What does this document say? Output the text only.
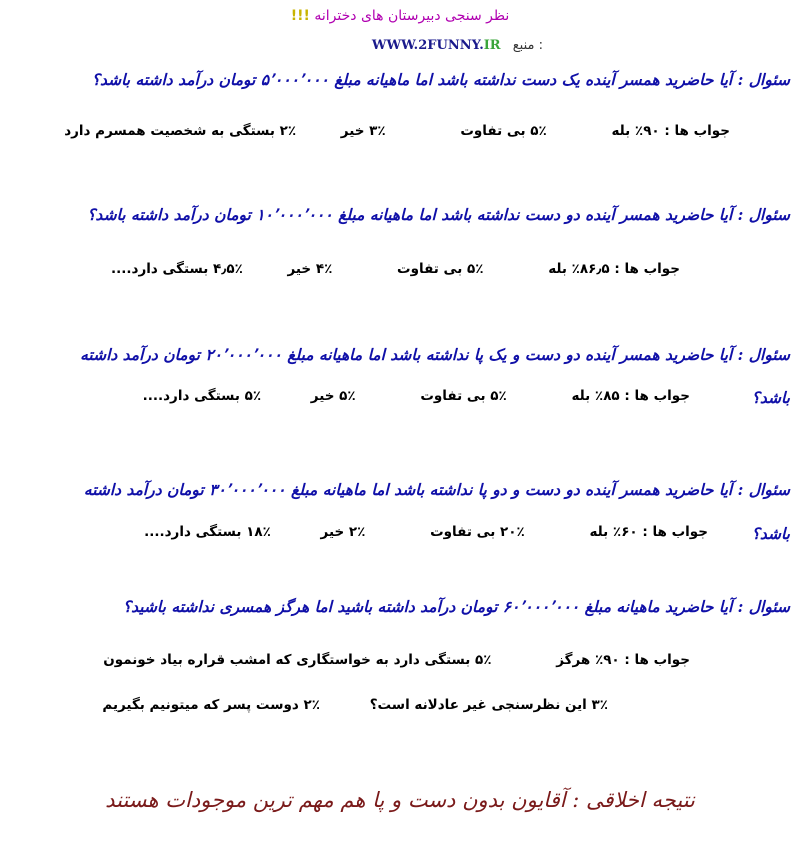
نظر سنجی دبیرستان های دخترانه !!!
WWW.2FUNNY.IR منبع :
سئوال : آیا حاضرید همسر آینده یک دست نداشته باشد اما ماهیانه مبلغ ۵٬۰۰۰٬۰۰۰ تومان درآمد داشته باشد؟
جواب ها : ۹۰٪ بله ۵٪ بی تفاوت ۳٪ خیر ۲٪ بستگی به شخصیت همسرم دارد
سئوال : آیا حاضرید همسر آینده دو دست نداشته باشد اما ماهیانه مبلغ ۱۰٬۰۰۰٬۰۰۰ تومان درآمد داشته باشد؟
جواب ها : ۸۶٫۵٪ بله ۵٪ بی تفاوت ۴٪ خیر ۴٫۵٪ بستگی دارد....
سئوال : آیا حاضرید همسر آینده دو دست و یک پا نداشته باشد اما ماهیانه مبلغ ۲۰٬۰۰۰٬۰۰۰ تومان درآمد داشته
باشد؟
جواب ها : ۸۵٪ بله ۵٪ بی تفاوت ۵٪ خیر ۵٪ بستگی دارد....
سئوال : آیا حاضرید همسر آینده دو دست و دو پا نداشته باشد اما ماهیانه مبلغ ۳۰٬۰۰۰٬۰۰۰ تومان درآمد داشته
باشد؟
جواب ها : ۶۰٪ بله ۲۰٪ بی تفاوت ۲٪ خیر ۱۸٪ بستگی دارد....
سئوال : آیا حاضرید ماهیانه مبلغ ۶۰٬۰۰۰٬۰۰۰ تومان درآمد داشته باشید اما هرگز همسری نداشته باشید؟
جواب ها : ۹۰٪ هرگز ۵٪ بستگی دارد به خواستگاری که امشب قراره بیاد خونمون
۳٪ این نظرسنجی غیر عادلانه است؟ ۲٪ دوست پسر که میتونیم بگیریم
نتیجه اخلاقی : آقایون بدون دست و پا هم مهم ترین موجودات هستند
